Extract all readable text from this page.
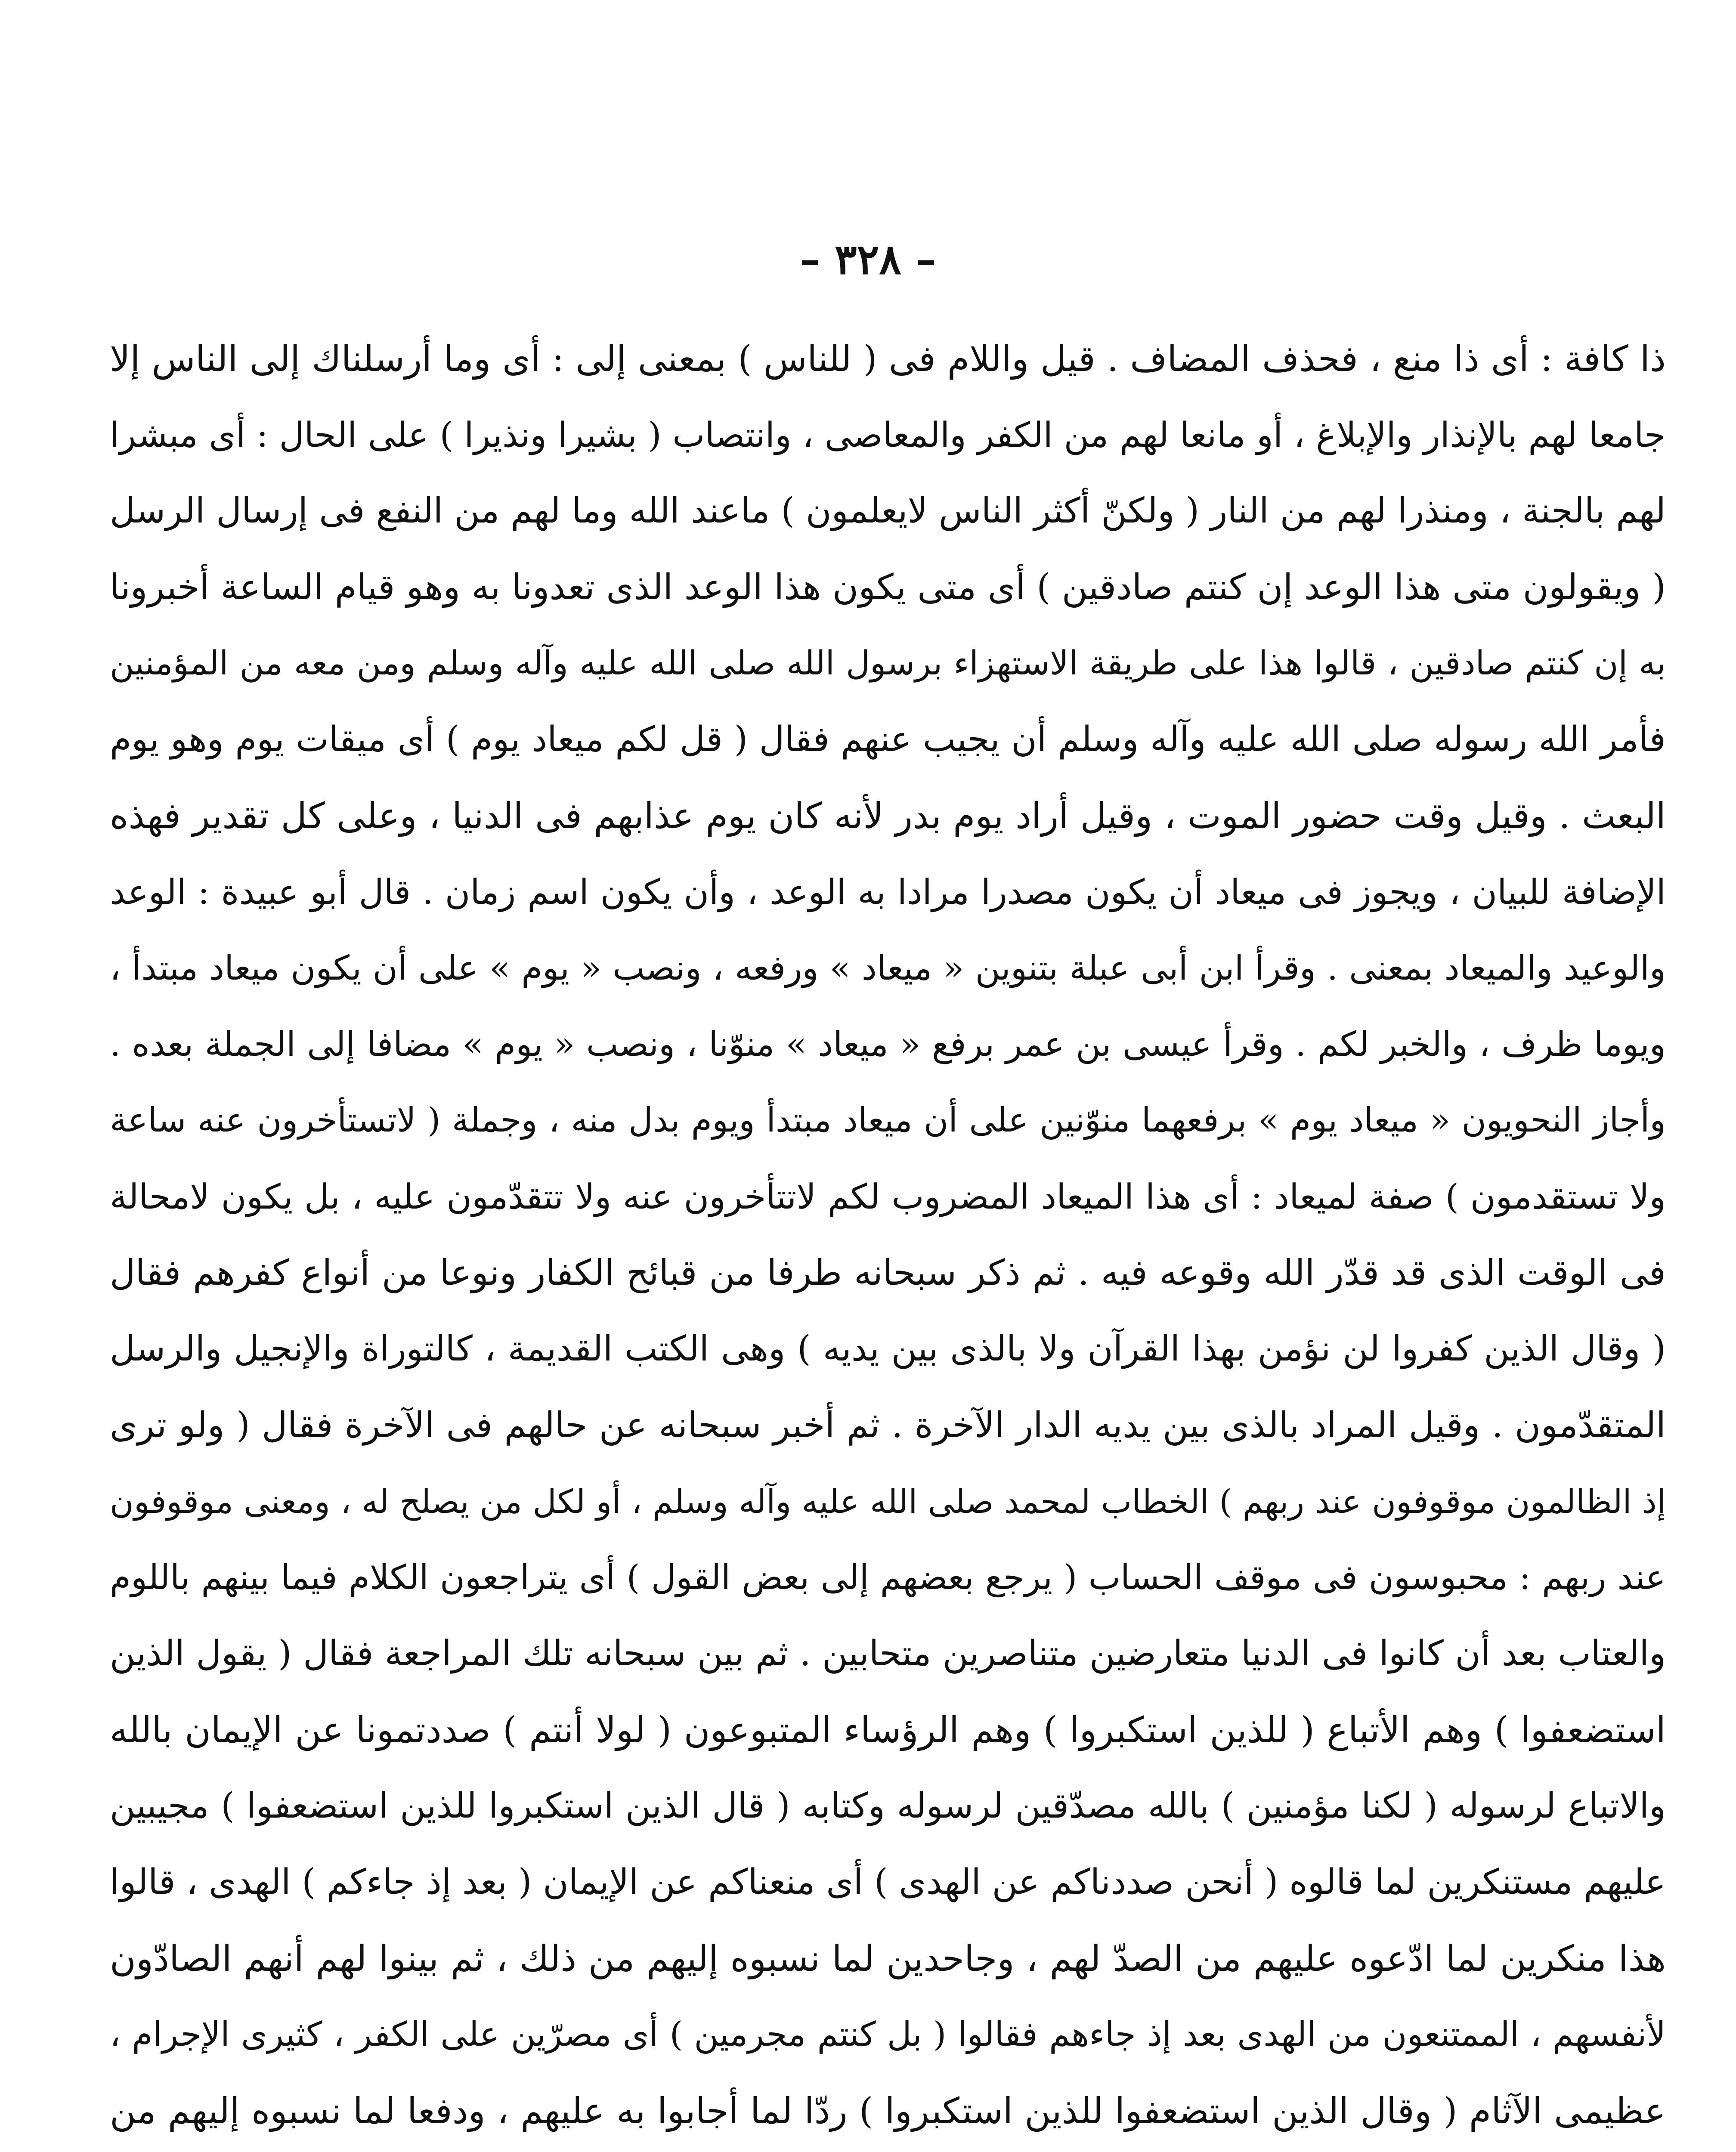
– ٣٢٨ –
ذا كافة : أى ذا منع ، فحذف المضاف . قيل واللام فى ( للناس ) بمعنى إلى : أى وما أرسلناك إلى الناس إلا
جامعا لهم بالإنذار والإبلاغ ، أو مانعا لهم من الكفر والمعاصى ، وانتصاب ( بشيرا ونذيرا ) على الحال : أى مبشرا
لهم بالجنة ، ومنذرا لهم من النار ( ولكنّ أكثر الناس لايعلمون ) ماعند الله وما لهم من النفع فى إرسال الرسل
( ويقولون متى هذا الوعد إن كنتم صادقين ) أى متى يكون هذا الوعد الذى تعدونا به وهو قيام الساعة أخبرونا
به إن كنتم صادقين ، قالوا هذا على طريقة الاستهزاء برسول الله صلى الله عليه وآله وسلم ومن معه من المؤمنين
فأمر الله رسوله صلى الله عليه وآله وسلم أن يجيب عنهم فقال ( قل لكم ميعاد يوم ) أى ميقات يوم وهو يوم
البعث . وقيل وقت حضور الموت ، وقيل أراد يوم بدر لأنه كان يوم عذابهم فى الدنيا ، وعلى كل تقدير فهذه
الإضافة للبيان ، ويجوز فى ميعاد أن يكون مصدرا مرادا به الوعد ، وأن يكون اسم زمان . قال أبو عبيدة : الوعد
والوعيد والميعاد بمعنى . وقرأ ابن أبى عبلة بتنوين « ميعاد » ورفعه ، ونصب « يوم » على أن يكون ميعاد مبتدأ ،
ويوما ظرف ، والخبر لكم . وقرأ عيسى بن عمر برفع « ميعاد » منوّنا ، ونصب « يوم » مضافا إلى الجملة بعده .
وأجاز النحويون « ميعاد يوم » برفعهما منوّنين على أن ميعاد مبتدأ ويوم بدل منه ، وجملة ( لاتستأخرون عنه ساعة
ولا تستقدمون ) صفة لميعاد : أى هذا الميعاد المضروب لكم لاتتأخرون عنه ولا تتقدّمون عليه ، بل يكون لامحالة
فى الوقت الذى قد قدّر الله وقوعه فيه . ثم ذكر سبحانه طرفا من قبائح الكفار ونوعا من أنواع كفرهم فقال
( وقال الذين كفروا لن نؤمن بهذا القرآن ولا بالذى بين يديه ) وهى الكتب القديمة ، كالتوراة والإنجيل والرسل
المتقدّمون . وقيل المراد بالذى بين يديه الدار الآخرة . ثم أخبر سبحانه عن حالهم فى الآخرة فقال ( ولو ترى
إذ الظالمون موقوفون عند ربهم ) الخطاب لمحمد صلى الله عليه وآله وسلم ، أو لكل من يصلح له ، ومعنى موقوفون
عند ربهم : محبوسون فى موقف الحساب ( يرجع بعضهم إلى بعض القول ) أى يتراجعون الكلام فيما بينهم باللوم
والعتاب بعد أن كانوا فى الدنيا متعارضين متناصرين متحابين . ثم بين سبحانه تلك المراجعة فقال ( يقول الذين
استضعفوا ) وهم الأتباع ( للذين استكبروا ) وهم الرؤساء المتبوعون ( لولا أنتم ) صددتمونا عن الإيمان بالله
والاتباع لرسوله ( لكنا مؤمنين ) بالله مصدّقين لرسوله وكتابه ( قال الذين استكبروا للذين استضعفوا ) مجيبين
عليهم مستنكرين لما قالوه ( أنحن صددناكم عن الهدى ) أى منعناكم عن الإيمان ( بعد إذ جاءكم ) الهدى ، قالوا
هذا منكرين لما ادّعوه عليهم من الصدّ لهم ، وجاحدين لما نسبوه إليهم من ذلك ، ثم بينوا لهم أنهم الصادّون
لأنفسهم ، الممتنعون من الهدى بعد إذ جاءهم فقالوا ( بل كنتم مجرمين ) أى مصرّين على الكفر ، كثيرى الإجرام ،
عظيمى الآثام ( وقال الذين استضعفوا للذين استكبروا ) ردّا لما أجابوا به عليهم ، ودفعا لما نسبوه إليهم من
